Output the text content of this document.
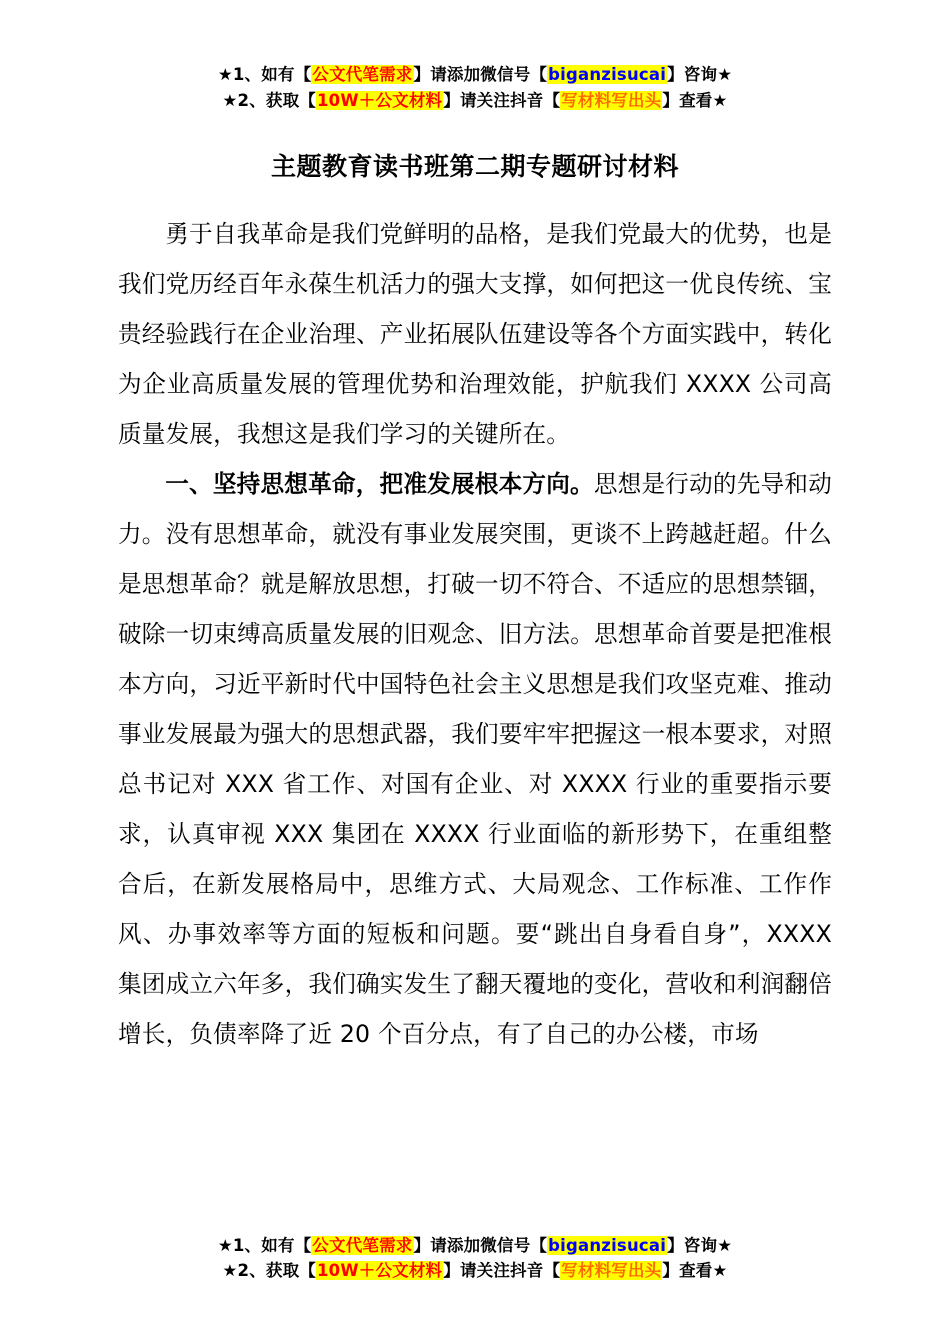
★1、如有【公文代笔需求】请添加微信号【biganzisucai】咨询★
★2、获取【10W＋公文材料】请关注抖音【写材料写出头】查看★
主题教育读书班第二期专题研讨材料

勇于自我革命是我们党鲜明的品格，是我们党最大的优势，也是我们党历经百年永葆生机活力的强大支撑，如何把这一优良传统、宝贵经验践行在企业治理、产业拓展队伍建设等各个方面实践中，转化为企业高质量发展的管理优势和治理效能，护航我们 XXXX 公司高质量发展，我想这是我们学习的关键所在。

一、坚持思想革命，把准发展根本方向。思想是行动的先导和动力。没有思想革命，就没有事业发展突围，更谈不上跨越赶超。什么是思想革命？就是解放思想，打破一切不符合、不适应的思想禁锢，破除一切束缚高质量发展的旧观念、旧方法。思想革命首要是把准根本方向，习近平新时代中国特色社会主义思想是我们攻坚克难、推动事业发展最为强大的思想武器，我们要牢牢把握这一根本要求，对照总书记对 XXX 省工作、对国有企业、对 XXXX 行业的重要指示要求，认真审视 XXX 集团在 XXXX 行业面临的新形势下，在重组整合后，在新发展格局中，思维方式、大局观念、工作标准、工作作风、办事效率等方面的短板和问题。要“跳出自身看自身”，XXXX 集团成立六年多，我们确实发生了翻天覆地的变化，营收和利润翻倍增长，负债率降了近 20 个百分点，有了自己的办公楼，市场

★1、如有【公文代笔需求】请添加微信号【biganzisucai】咨询★
★2、获取【10W＋公文材料】请关注抖音【写材料写出头】查看★
